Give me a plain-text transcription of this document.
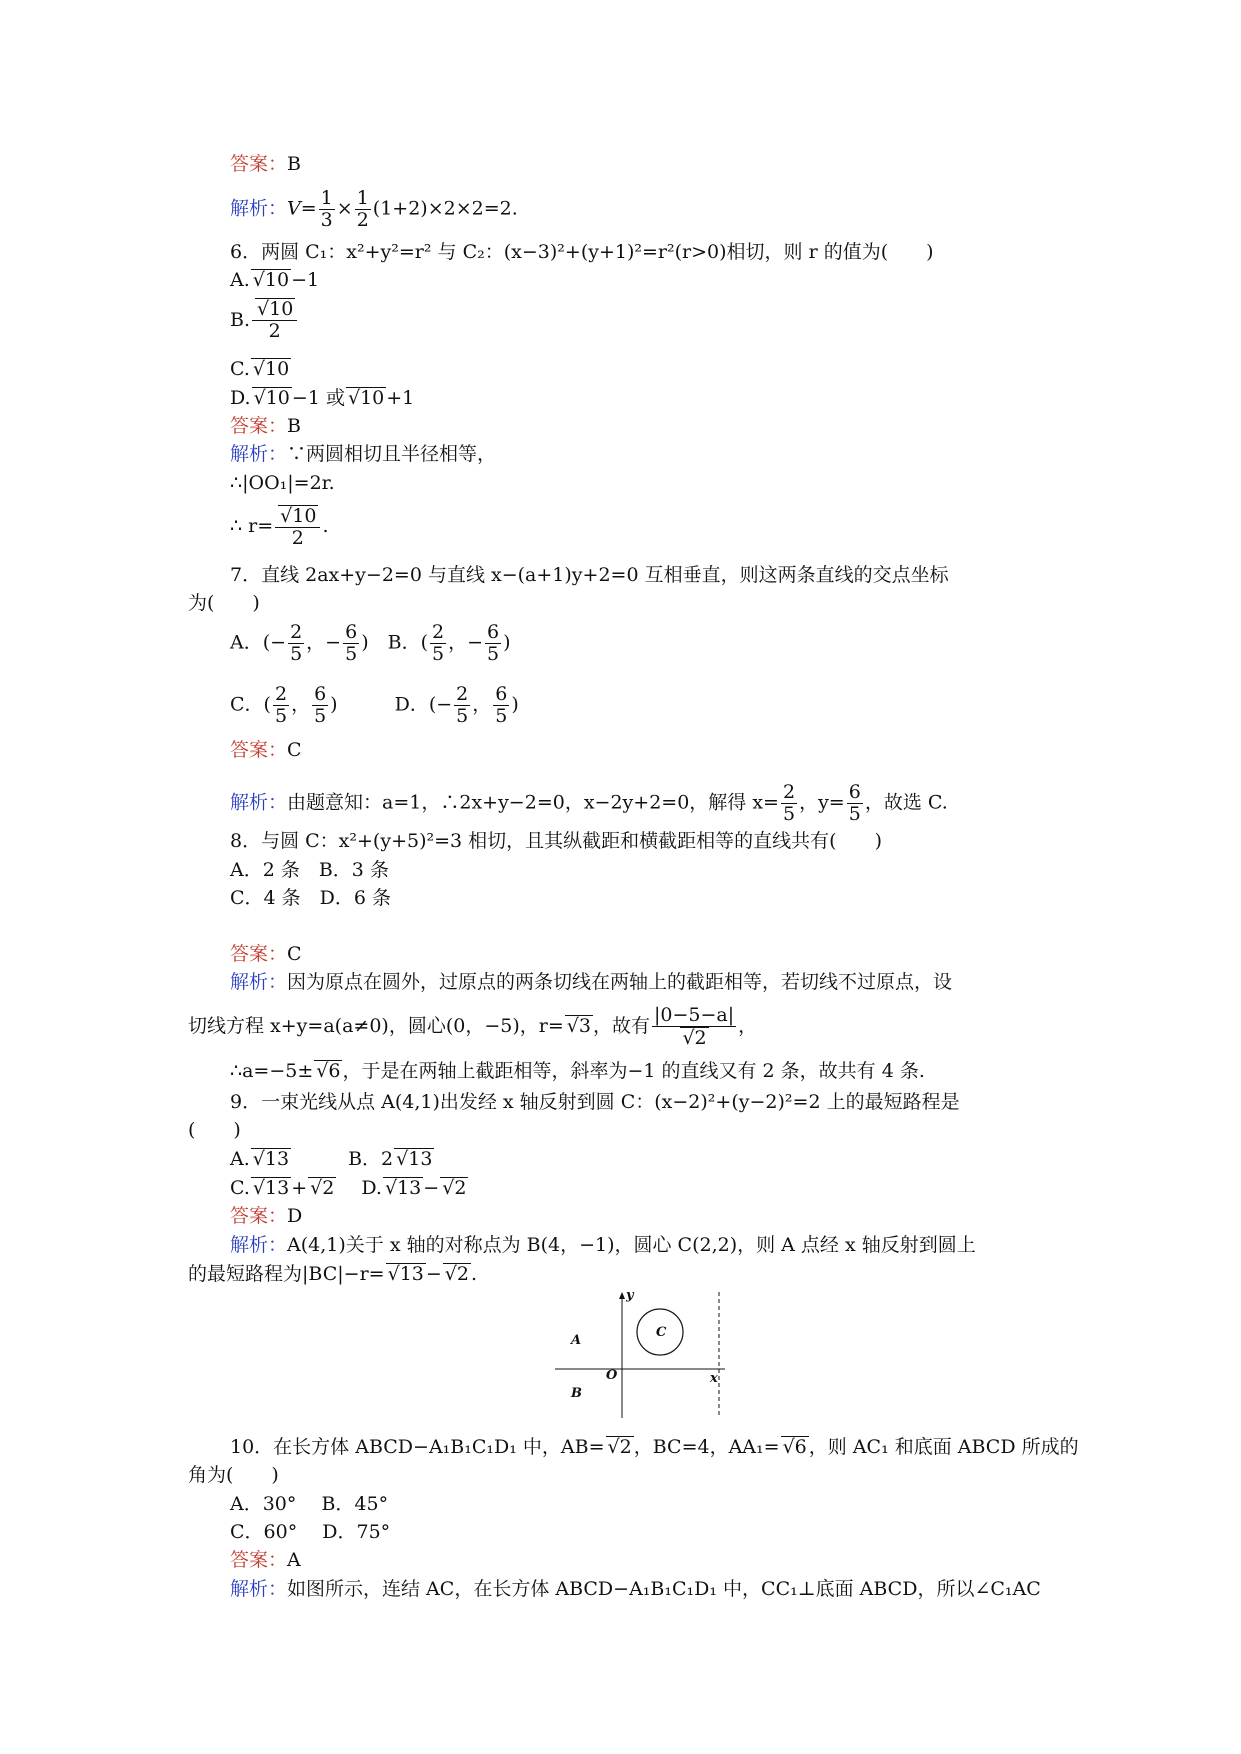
答案：B
解析：$V= \frac{1}{3} \times \frac{1}{2} (1+2)\times 2\times 2=2$.
6．两圆 C₁：x²+y²=r² 与 C₂：(x−3)²+(y+1)²=r²(r>0)相切，则 r 的值为(　　)
A. √ 10 −1
B. √ $\frac{10}{2}$
C. √ 10
D. √ 10 −1 或 √ 10 +1
答案：B
解析：∵两圆相切且半径相等，
∴|OO₁|=2r.
∴ r= √ $\frac{10}{2}$ .
7．直线 2ax+y−2=0 与直线 x−(a+1)y+2=0 互相垂直，则这两条直线的交点坐标
为(　　)
A．(− $\frac{2}{5}$ ，− $\frac{6}{5}$ )　B．( $\frac{2}{5}$ ，− $\frac{6}{5}$ )
C．( $\frac{2}{5}$ ， $\frac{6}{5}$ )　　　D．(− $\frac{2}{5}$ ， $\frac{6}{5}$ )
答案：C
解析：由题意知：a=1，∴2x+y−2=0，x−2y+2=0，解得 $x= \frac{2}{5}$ ，$y= \frac{6}{5}$ ，故选 C.
8．与圆 C：x²+(y+5)²=3 相切，且其纵截距和横截距相等的直线共有(　　)
A．2 条　B．3 条
C．4 条　D．6 条
答案：C
解析：因为原点在圆外，过原点的两条切线在两轴上的截距相等，若切线不过原点，设
切线方程 x+y=a(a≠0)，圆心(0，−5)，r= √ 3 ，故有 |0−5−a|
√ 2 ，
∴a=−5± √ 6 ，于是在两轴上截距相等，斜率为−1 的直线又有 2 条，故共有 4 条.
9．一束光线从点 A(4,1)出发经 x 轴反射到圆 C：(x−2)²+(y−2)²=2 上的最短路程是
(　　)
A. √ 13　　　	B．2 √ 13
C. √ 13 + √ 2　 D. √ 13 − √ 2
答案：D
解析：A(4,1)关于 x 轴的对称点为 B(4，−1)，圆心 C(2,2)，则 A 点经 x 轴反射到圆上
的最短路程为|BC|−r= √ 13 − √ 2 .
y
C
A
O	x
B
10．在长方体 ABCD−A₁B₁C₁D₁ 中，AB= √ 2 ，BC=4，AA₁= √ 6 ，则 AC₁ 和底面 ABCD 所成的
角为(　　)
A．30°　 B．45°
C．60°　 D．75°
答案：A
解析：如图所示，连结 AC，在长方体 ABCD−A₁B₁C₁D₁ 中，CC₁⊥底面 ABCD，所以∠C₁AC
